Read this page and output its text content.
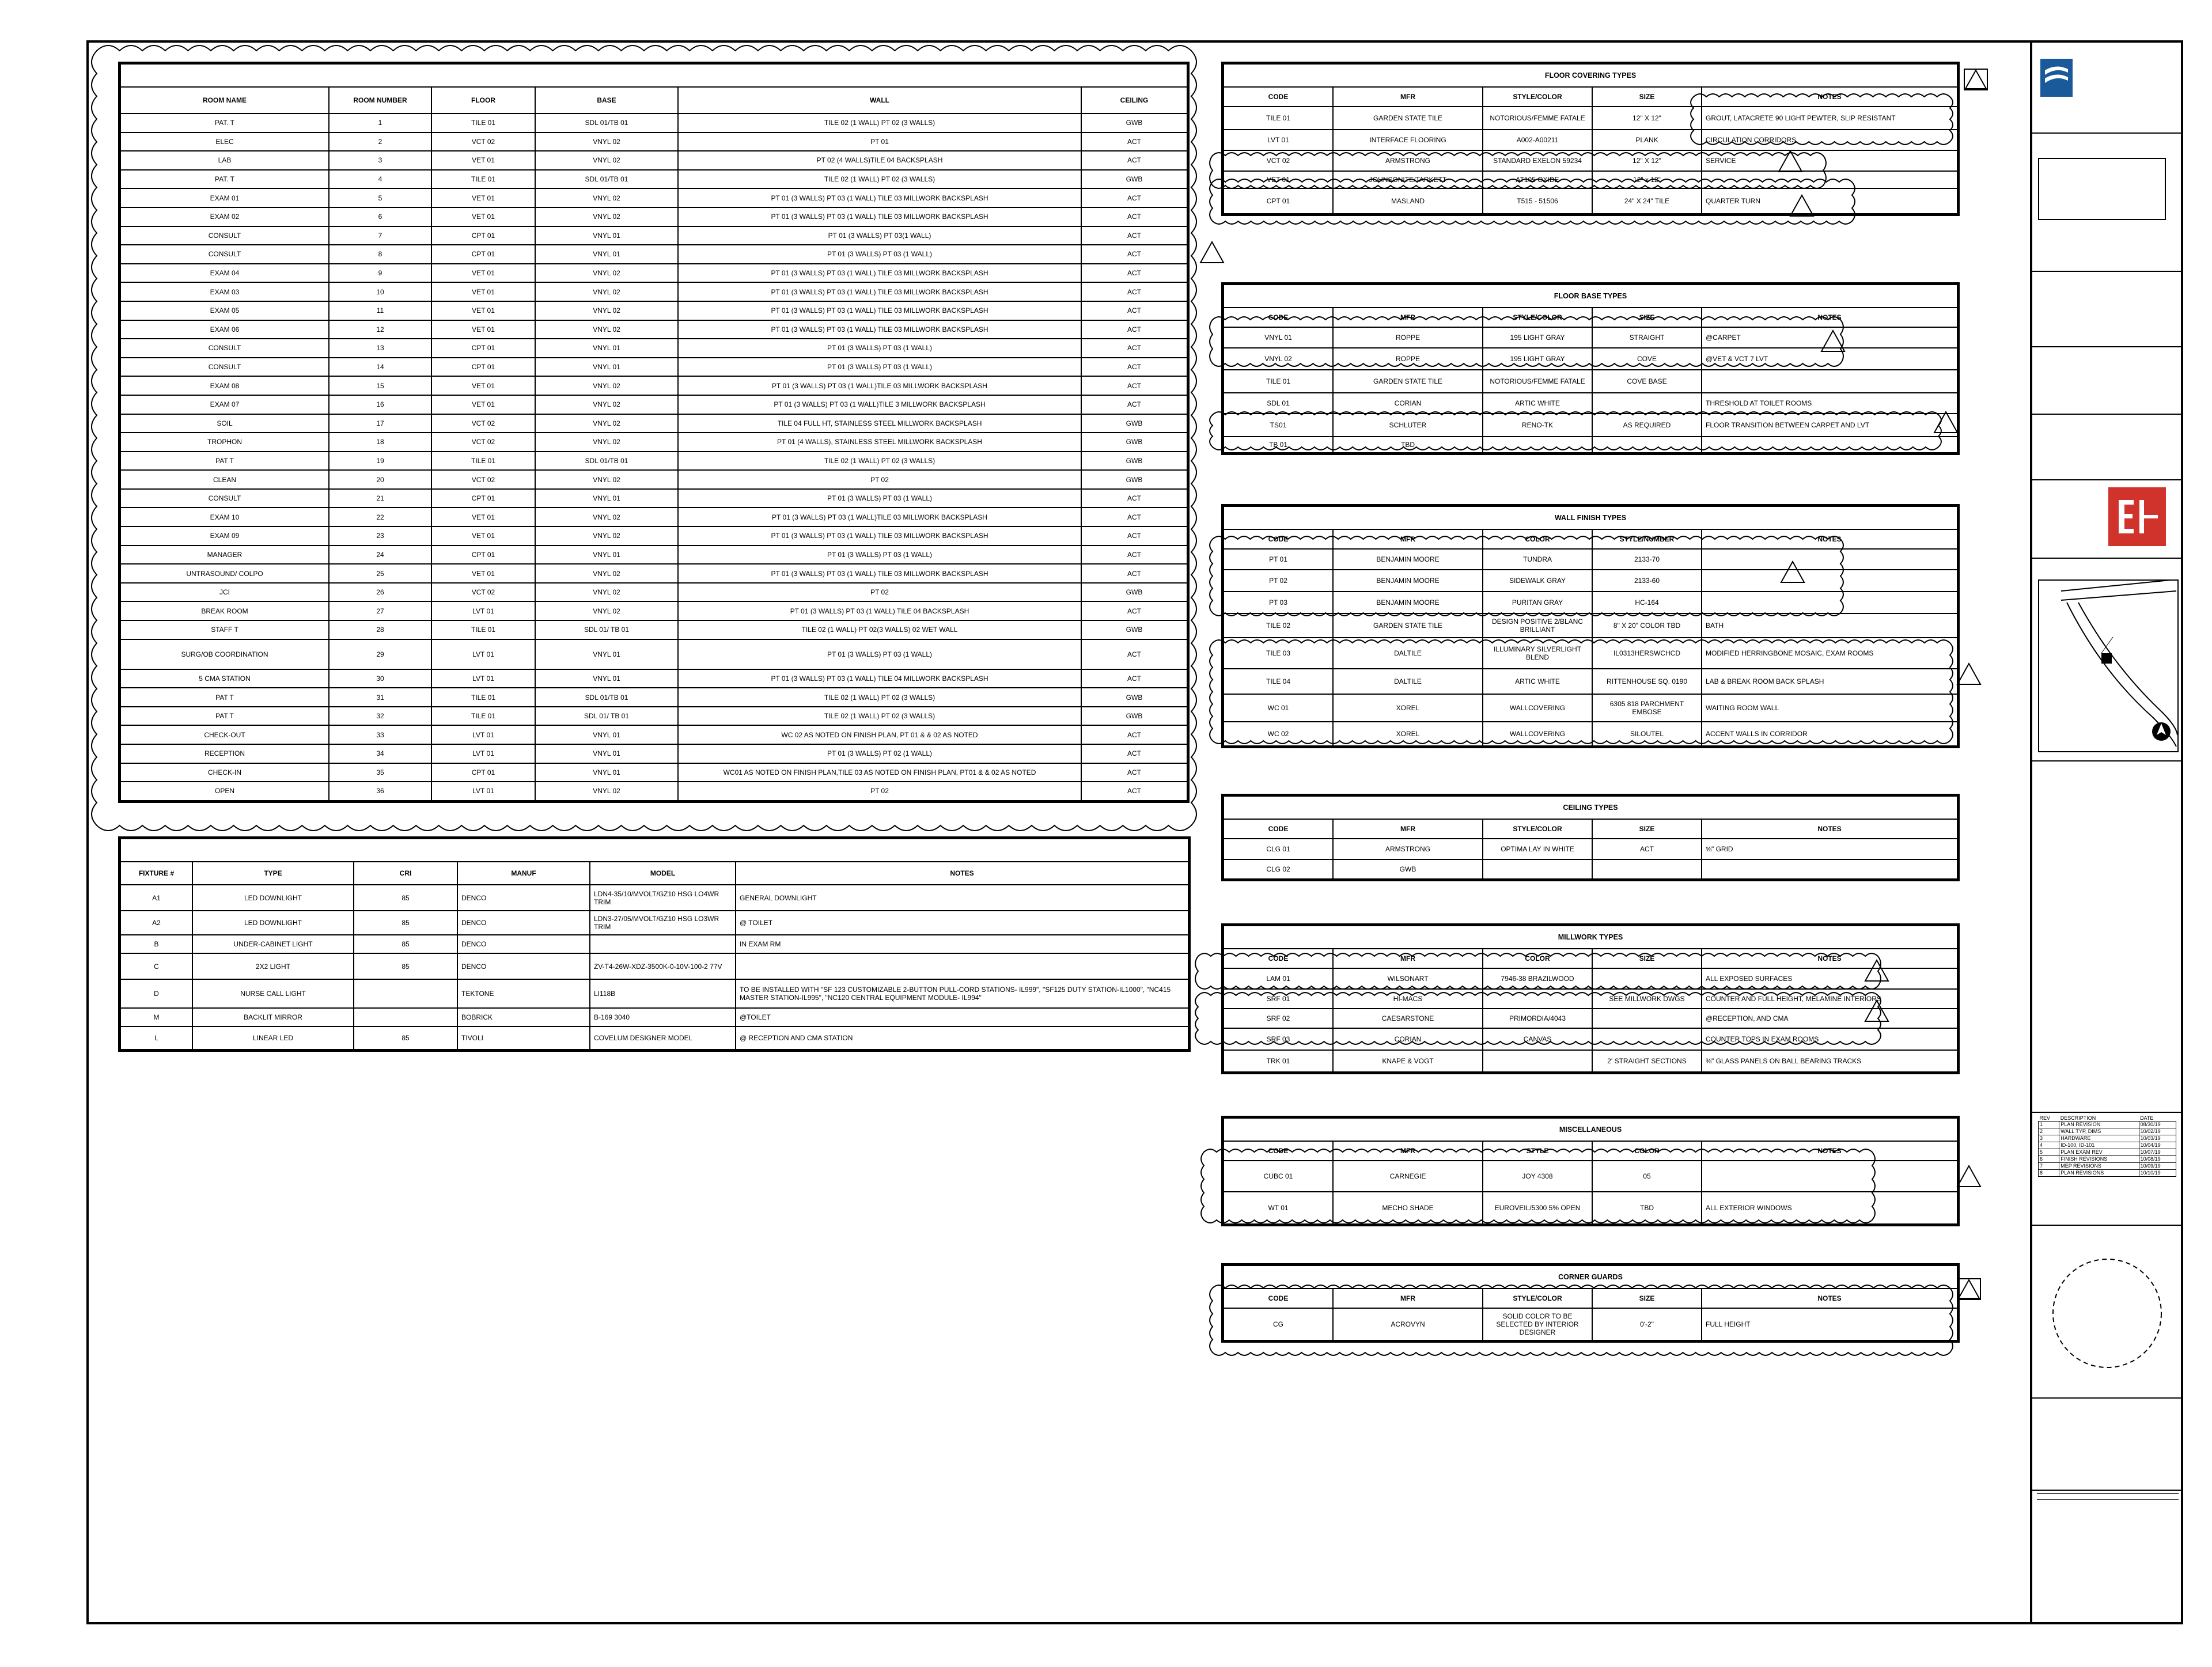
ROOM NAME	ROOM NUMBER	FLOOR	BASE	WALL	CEILING
PAT. T	1	TILE 01	SDL 01/TB 01	TILE 02 (1 WALL) PT 02 (3 WALLS)	GWB
ELEC	2	VCT 02	VNYL 02	PT 01	ACT
LAB	3	VET 01	VNYL 02	PT 02 (4 WALLS)TILE 04 BACKSPLASH	ACT
PAT. T	4	TILE 01	SDL 01/TB 01	TILE 02 (1 WALL) PT 02 (3 WALLS)	GWB
EXAM 01	5	VET 01	VNYL 02	PT 01 (3 WALLS) PT 03 (1 WALL) TILE 03 MILLWORK BACKSPLASH	ACT
EXAM 02	6	VET 01	VNYL 02	PT 01 (3 WALLS) PT 03 (1 WALL) TILE 03 MILLWORK BACKSPLASH	ACT
CONSULT	7	CPT 01	VNYL 01	PT 01 (3 WALLS) PT 03(1 WALL)	ACT
CONSULT	8	CPT 01	VNYL 01	PT 01 (3 WALLS) PT 03 (1 WALL)	ACT
EXAM 04	9	VET 01	VNYL 02	PT 01 (3 WALLS) PT 03 (1 WALL) TILE 03 MILLWORK BACKSPLASH	ACT
EXAM 03	10	VET 01	VNYL 02	PT 01 (3 WALLS) PT 03 (1 WALL) TILE 03 MILLWORK BACKSPLASH	ACT
EXAM 05	11	VET 01	VNYL 02	PT 01 (3 WALLS) PT 03 (1 WALL) TILE 03 MILLWORK BACKSPLASH	ACT
EXAM 06	12	VET 01	VNYL 02	PT 01 (3 WALLS) PT 03 (1 WALL) TILE 03 MILLWORK BACKSPLASH	ACT
CONSULT	13	CPT 01	VNYL 01	PT 01 (3 WALLS) PT 03 (1 WALL)	ACT
CONSULT	14	CPT 01	VNYL 01	PT 01 (3 WALLS) PT 03 (1 WALL)	ACT
EXAM 08	15	VET 01	VNYL 02	PT 01 (3 WALLS) PT 03 (1 WALL)TILE 03 MILLWORK BACKSPLASH	ACT
EXAM 07	16	VET 01	VNYL 02	PT 01 (3 WALLS) PT 03 (1 WALL)TILE 3 MILLWORK BACKSPLASH	ACT
SOIL	17	VCT 02	VNYL 02	TILE 04 FULL HT, STAINLESS STEEL MILLWORK BACKSPLASH	GWB
TROPHON	18	VCT 02	VNYL 02	PT 01 (4 WALLS), STAINLESS STEEL MILLWORK BACKSPLASH	GWB
PAT T	19	TILE 01	SDL 01/TB 01	TILE 02 (1 WALL) PT 02 (3 WALLS)	GWB
CLEAN	20	VCT 02	VNYL 02	PT 02	GWB
CONSULT	21	CPT 01	VNYL 01	PT 01 (3 WALLS) PT 03 (1 WALL)	ACT
EXAM 10	22	VET 01	VNYL 02	PT 01 (3 WALLS) PT 03 (1 WALL)TILE 03 MILLWORK BACKSPLASH	ACT
EXAM 09	23	VET 01	VNYL 02	PT 01 (3 WALLS) PT 03 (1 WALL) TILE 03 MILLWORK BACKSPLASH	ACT
MANAGER	24	CPT 01	VNYL 01	PT 01 (3 WALLS) PT 03 (1 WALL)	ACT
UNTRASOUND/ COLPO	25	VET 01	VNYL 02	PT 01 (3 WALLS) PT 03 (1 WALL) TILE 03 MILLWORK BACKSPLASH	ACT
JCI	26	VCT 02	VNYL 02	PT 02	GWB
BREAK ROOM	27	LVT 01	VNYL 02	PT 01 (3 WALLS) PT 03 (1 WALL) TILE 04 BACKSPLASH	ACT
STAFF T	28	TILE 01	SDL 01/ TB 01	TILE 02 (1 WALL) PT 02(3 WALLS) 02 WET WALL	GWB
SURG/OB COORDINATION	29	LVT 01	VNYL 01	PT 01 (3 WALLS) PT 03 (1 WALL)	ACT
5 CMA STATION	30	LVT 01	VNYL 01	PT 01 (3 WALLS) PT 03 (1 WALL) TILE 04 MILLWORK BACKSPLASH	ACT
PAT T	31	TILE 01	SDL 01/TB 01	TILE 02 (1 WALL) PT 02 (3 WALLS)	GWB
PAT T	32	TILE 01	SDL 01/ TB 01	TILE 02 (1 WALL) PT 02 (3 WALLS)	GWB
CHECK-OUT	33	LVT 01	VNYL 01	WC 02 AS NOTED ON FINISH PLAN, PT 01 & & 02 AS NOTED	ACT
RECEPTION	34	LVT 01	VNYL 01	PT 01 (3 WALLS) PT 02 (1 WALL)	ACT
CHECK-IN	35	CPT 01	VNYL 01	WC01 AS NOTED ON FINISH PLAN,TILE 03 AS NOTED ON FINISH PLAN, PT01 & & 02 AS NOTED	ACT
OPEN	36	LVT 01	VNYL 02	PT 02	ACT

FIXTURE #	TYPE	CRI	MANUF	MODEL	NOTES
A1	LED DOWNLIGHT	85	DENCO	LDN4-35/10/MVOLT/GZ10 HSG LO4WR TRIM	GENERAL DOWNLIGHT
A2	LED DOWNLIGHT	85	DENCO	LDN3-27/05/MVOLT/GZ10 HSG LO3WR TRIM	@ TOILET
B	UNDER-CABINET LIGHT	85	DENCO		IN EXAM RM
C	2X2 LIGHT	85	DENCO	ZV-T4-26W-XDZ-3500K-0-10V-100-2 77V	
D	NURSE CALL LIGHT		TEKTONE	LI118B	TO BE INSTALLED WITH "SF 123 CUSTOMIZABLE 2-BUTTON PULL-CORD STATIONS- IL999", "SF125 DUTY STATION-IL1000", "NC415 MASTER STATION-IL995", "NC120 CENTRAL EQUIPMENT MODULE- IL994"
M	BACKLIT MIRROR		BOBRICK	B-169 3040	@TOILET
L	LINEAR LED	85	TIVOLI	COVELUM DESIGNER MODEL	@ RECEPTION AND CMA STATION
FLOOR COVERING TYPES				
CODE	MFR	STYLE/COLOR	SIZE	NOTES
TILE 01	GARDEN STATE TILE	NOTORIOUS/FEMME FATALE	12" X 12"	GROUT, LATACRETE 90 LIGHT PEWTER, SLIP RESISTANT
LVT 01	INTERFACE FLOORING	A002-A00211	PLANK	CIRCULATION CORRIDORS
VCT 02	ARMSTRONG	STANDARD EXELON 59234	12" X 12"	SERVICE
VET 01	JOHNSONITE/TARKETT	AT105 OXIDE	12" x 12"	
CPT 01	MASLAND	T515 - 51506	24" X 24" TILE	QUARTER TURN
FLOOR BASE TYPES				
CODE	MFR	STYLE/COLOR	SIZE	NOTES
VNYL 01	ROPPE	195 LIGHT GRAY	STRAIGHT	@CARPET
VNYL 02	ROPPE	195 LIGHT GRAY	COVE	@VET & VCT 7 LVT
TILE 01	GARDEN STATE TILE	NOTORIOUS/FEMME FATALE	COVE BASE	
SDL 01	CORIAN	ARTIC WHITE		THRESHOLD AT TOILET ROOMS
TS01	SCHLUTER	RENO-TK	AS REQUIRED	FLOOR TRANSITION BETWEEN CARPET AND LVT
TB 01	TBD			
WALL FINISH TYPES				
CODE	MFR	COLOR	STYLE/NUMBER	NOTES
PT 01	BENJAMIN MOORE	TUNDRA	2133-70	
PT 02	BENJAMIN MOORE	SIDEWALK GRAY	2133-60	
PT 03	BENJAMIN MOORE	PURITAN GRAY	HC-164	
TILE 02	GARDEN STATE TILE	DESIGN POSITIVE 2/BLANC BRILLIANT	8" X 20" COLOR TBD	BATH
TILE 03	DALTILE	ILLUMINARY SILVERLIGHT BLEND	IL0313HERSWCHCD	MODIFIED HERRINGBONE MOSAIC, EXAM ROOMS
TILE 04	DALTILE	ARTIC WHITE	RITTENHOUSE SQ. 0190	LAB & BREAK ROOM BACK SPLASH
WC 01	XOREL	WALLCOVERING	6305 818 PARCHMENT EMBOSE	WAITING ROOM WALL
WC 02	XOREL	WALLCOVERING	SILOUTEL	ACCENT WALLS IN CORRIDOR
CEILING TYPES				
CODE	MFR	STYLE/COLOR	SIZE	NOTES
CLG 01	ARMSTRONG	OPTIMA LAY IN WHITE	ACT	⅝" GRID
CLG 02	GWB			
MILLWORK TYPES				
CODE	MFR	COLOR	SIZE	NOTES
LAM 01	WILSONART	7946-38 BRAZILWOOD		ALL EXPOSED SURFACES
SRF 01	HI-MACS		SEE MILLWORK DWGS	COUNTER AND FULL HEIGHT, MELAMINE INTERIORS
SRF 02	CAESARSTONE	PRIMORDIA/4043		@RECEPTION, AND CMA
SRF 03	CORIAN	CANVAS		COUNTER TOPS IN EXAM ROOMS
TRK 01	KNAPE & VOGT		2' STRAIGHT SECTIONS	⅜" GLASS PANELS ON BALL BEARING TRACKS
MISCELLANEOUS				
CODE	MFR	STYLE	COLOR	NOTES
CUBC 01	CARNEGIE	JOY 4308	05	
WT 01	MECHO SHADE	EUROVEIL/5300 5% OPEN	TBD	ALL EXTERIOR WINDOWS
CORNER GUARDS				
CODE	MFR	STYLE/COLOR	SIZE	NOTES
CG	ACROVYN	SOLID COLOR TO BE SELECTED BY INTERIOR DESIGNER	0'-2"	FULL HEIGHT
REV	DESCRIPTION	DATE
1	PLAN REVISION	08/30/19
2	WALL TYP, DIMS	10/02/19
3	HARDWARE	10/03/19
4	ID-100, ID-101	10/04/19
5	PLAN EXAM REV	10/07/19
6	FINISH REVISIONS	10/08/19
7	MEP REVISIONS	10/09/19
8	PLAN REVISIONS	10/10/19
